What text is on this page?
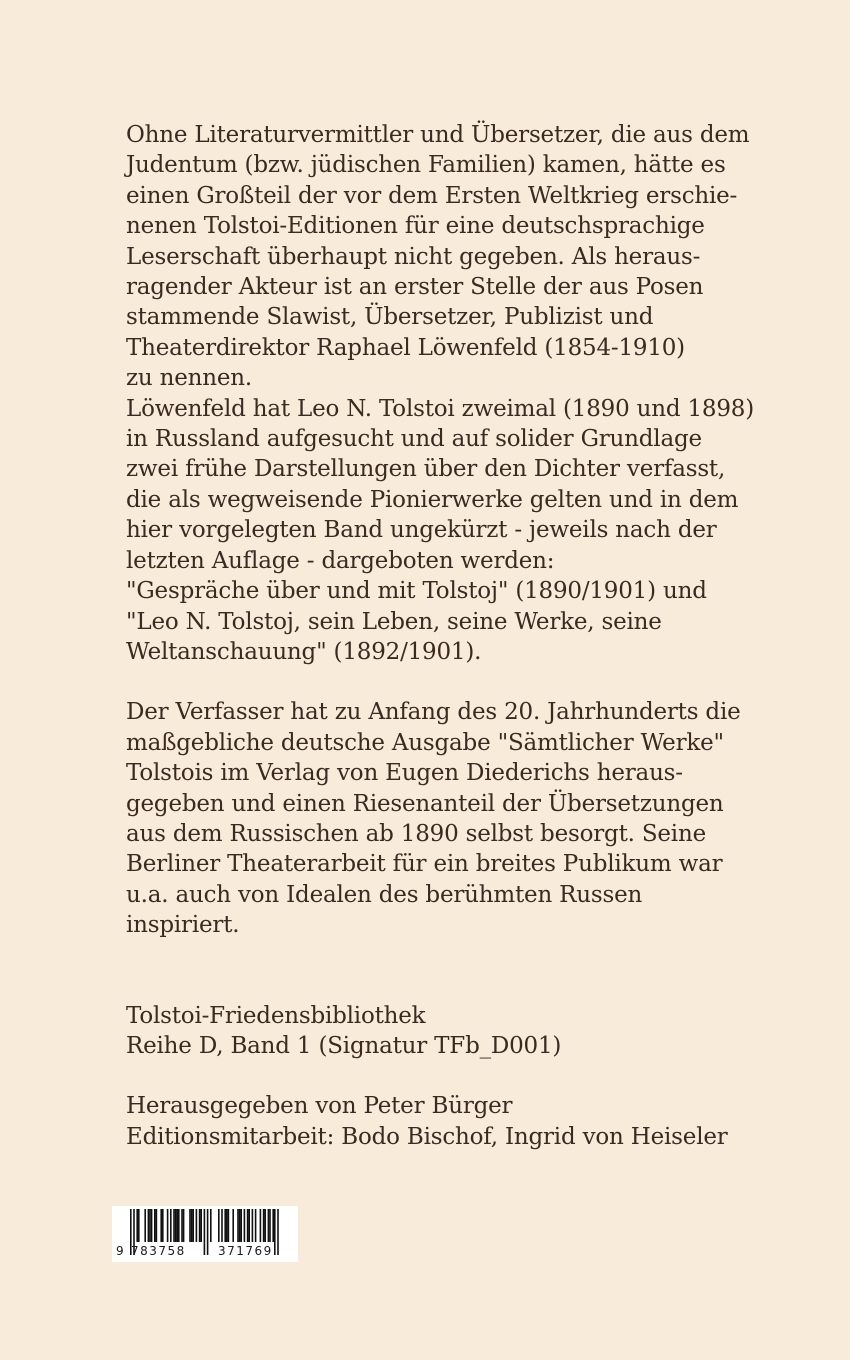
Ohne Literaturvermittler und Übersetzer, die aus dem
Judentum (bzw. jüdischen Familien) kamen, hätte es
einen Großteil der vor dem Ersten Weltkrieg erschie-
nenen Tolstoi-Editionen für eine deutschsprachige
Leserschaft überhaupt nicht gegeben. Als heraus-
ragender Akteur ist an erster Stelle der aus Posen
stammende Slawist, Übersetzer, Publizist und
Theaterdirektor Raphael Löwenfeld (1854-1910)
zu nennen.
Löwenfeld hat Leo N. Tolstoi zweimal (1890 und 1898)
in Russland aufgesucht und auf solider Grundlage
zwei frühe Darstellungen über den Dichter verfasst,
die als wegweisende Pionierwerke gelten und in dem
hier vorgelegten Band ungekürzt - jeweils nach der
letzten Auflage - dargeboten werden:
"Gespräche über und mit Tolstoj" (1890/1901) und
"Leo N. Tolstoj, sein Leben, seine Werke, seine
Weltanschauung" (1892/1901).
Der Verfasser hat zu Anfang des 20. Jahrhunderts die
maßgebliche deutsche Ausgabe "Sämtlicher Werke"
Tolstois im Verlag von Eugen Diederichs heraus-
gegeben und einen Riesenanteil der Übersetzungen
aus dem Russischen ab 1890 selbst besorgt. Seine
Berliner Theaterarbeit für ein breites Publikum war
u.a. auch von Idealen des berühmten Russen
inspiriert.
Tolstoi-Friedensbibliothek
Reihe D, Band 1 (Signatur TFb_D001)
Herausgegeben von Peter Bürger
Editionsmitarbeit: Bodo Bischof, Ingrid von Heiseler
9 783758	371769
